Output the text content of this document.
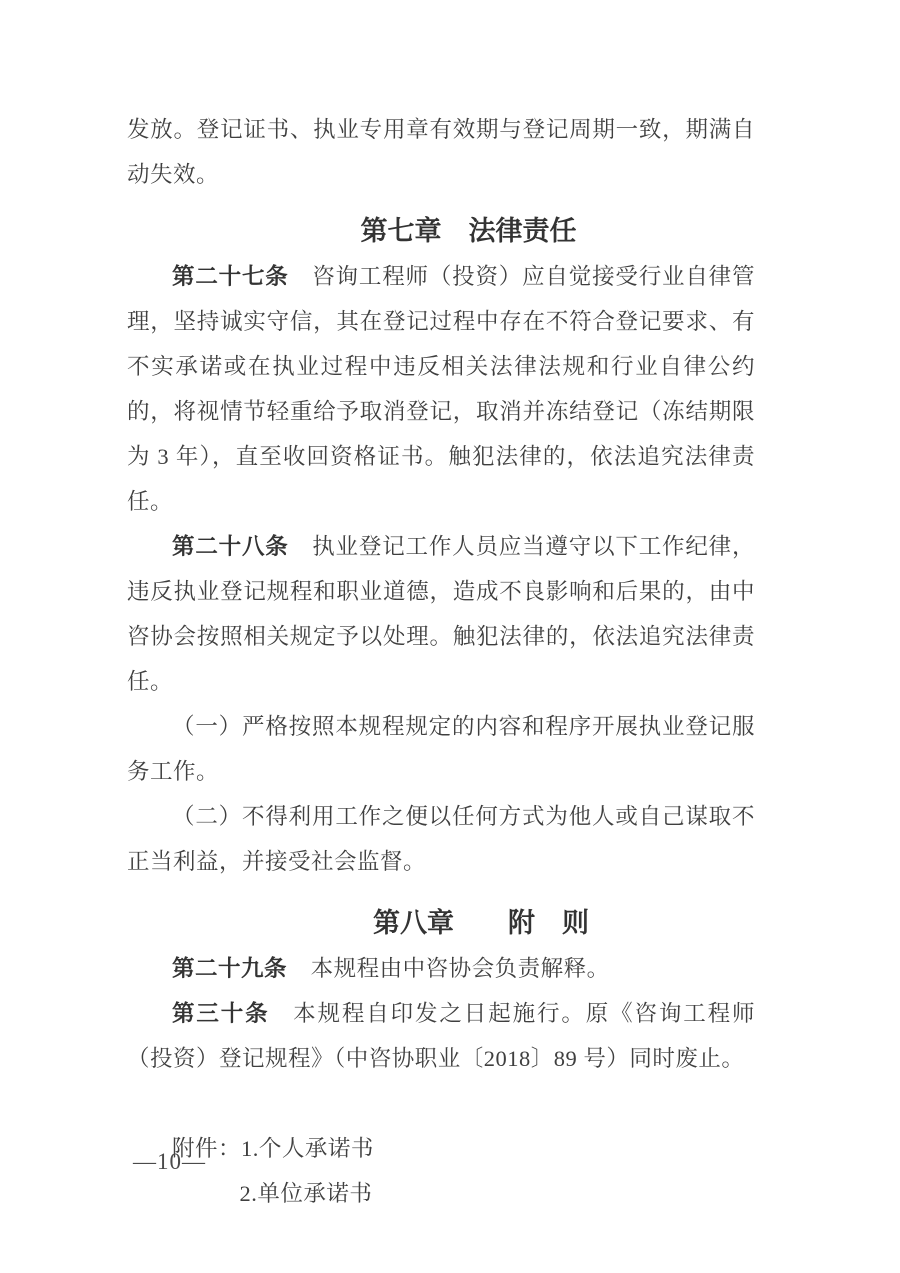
发放。登记证书、执业专用章有效期与登记周期一致，期满自动失效。

第七章　法律责任

第二十七条 咨询工程师（投资）应自觉接受行业自律管理，坚持诚实守信，其在登记过程中存在不符合登记要求、有不实承诺或在执业过程中违反相关法律法规和行业自律公约的，将视情节轻重给予取消登记，取消并冻结登记（冻结期限为 3 年），直至收回资格证书。触犯法律的，依法追究法律责任。

第二十八条 执业登记工作人员应当遵守以下工作纪律，违反执业登记规程和职业道德，造成不良影响和后果的，由中咨协会按照相关规定予以处理。触犯法律的，依法追究法律责任。

（一）严格按照本规程规定的内容和程序开展执业登记服务工作。

（二）不得利用工作之便以任何方式为他人或自己谋取不正当利益，并接受社会监督。

第八章　　附　则

第二十九条 本规程由中咨协会负责解释。

第三十条 本规程自印发之日起施行。原《咨询工程师（投资）登记规程》（中咨协职业〔2018〕89 号）同时废止。

附件：1.个人承诺书

2.单位承诺书

—10—
